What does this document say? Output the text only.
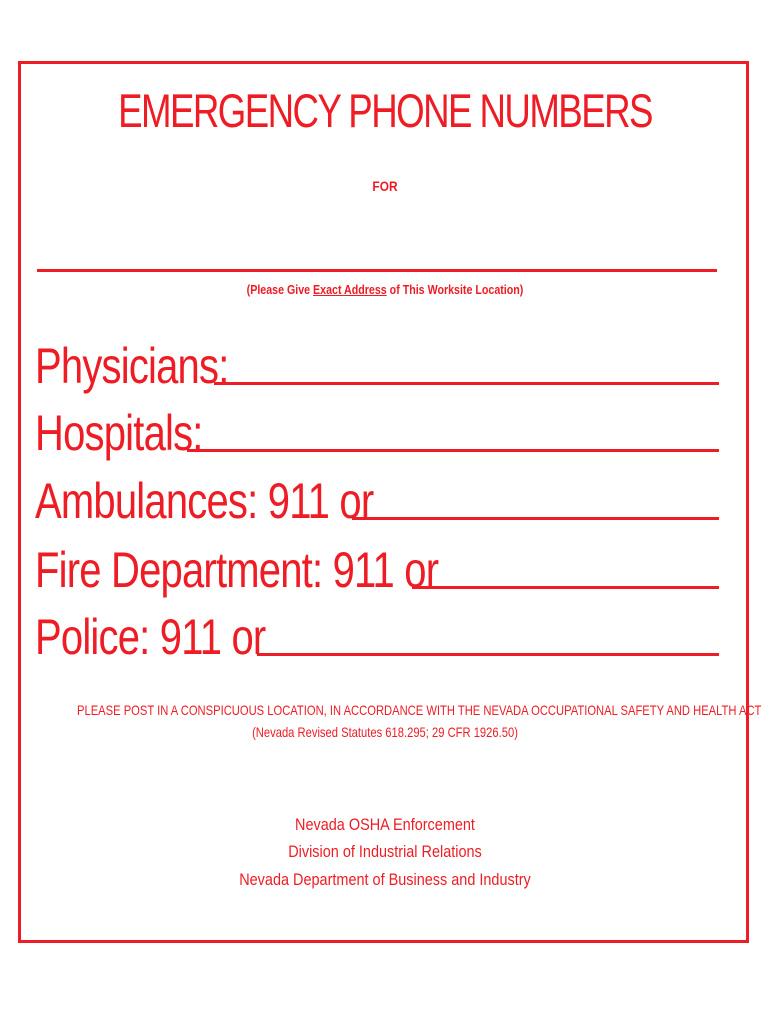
EMERGENCY PHONE NUMBERS
FOR
(Please Give Exact Address of This Worksite Location)
Physicians:
Hospitals:
Ambulances: 911 or
Fire Department: 911 or
Police: 911 or
PLEASE POST IN A CONSPICUOUS LOCATION, IN ACCORDANCE WITH THE NEVADA OCCUPATIONAL SAFETY AND HEALTH ACT
(Nevada Revised Statutes 618.295; 29 CFR 1926.50)
Nevada OSHA Enforcement
Division of Industrial Relations
Nevada Department of Business and Industry
